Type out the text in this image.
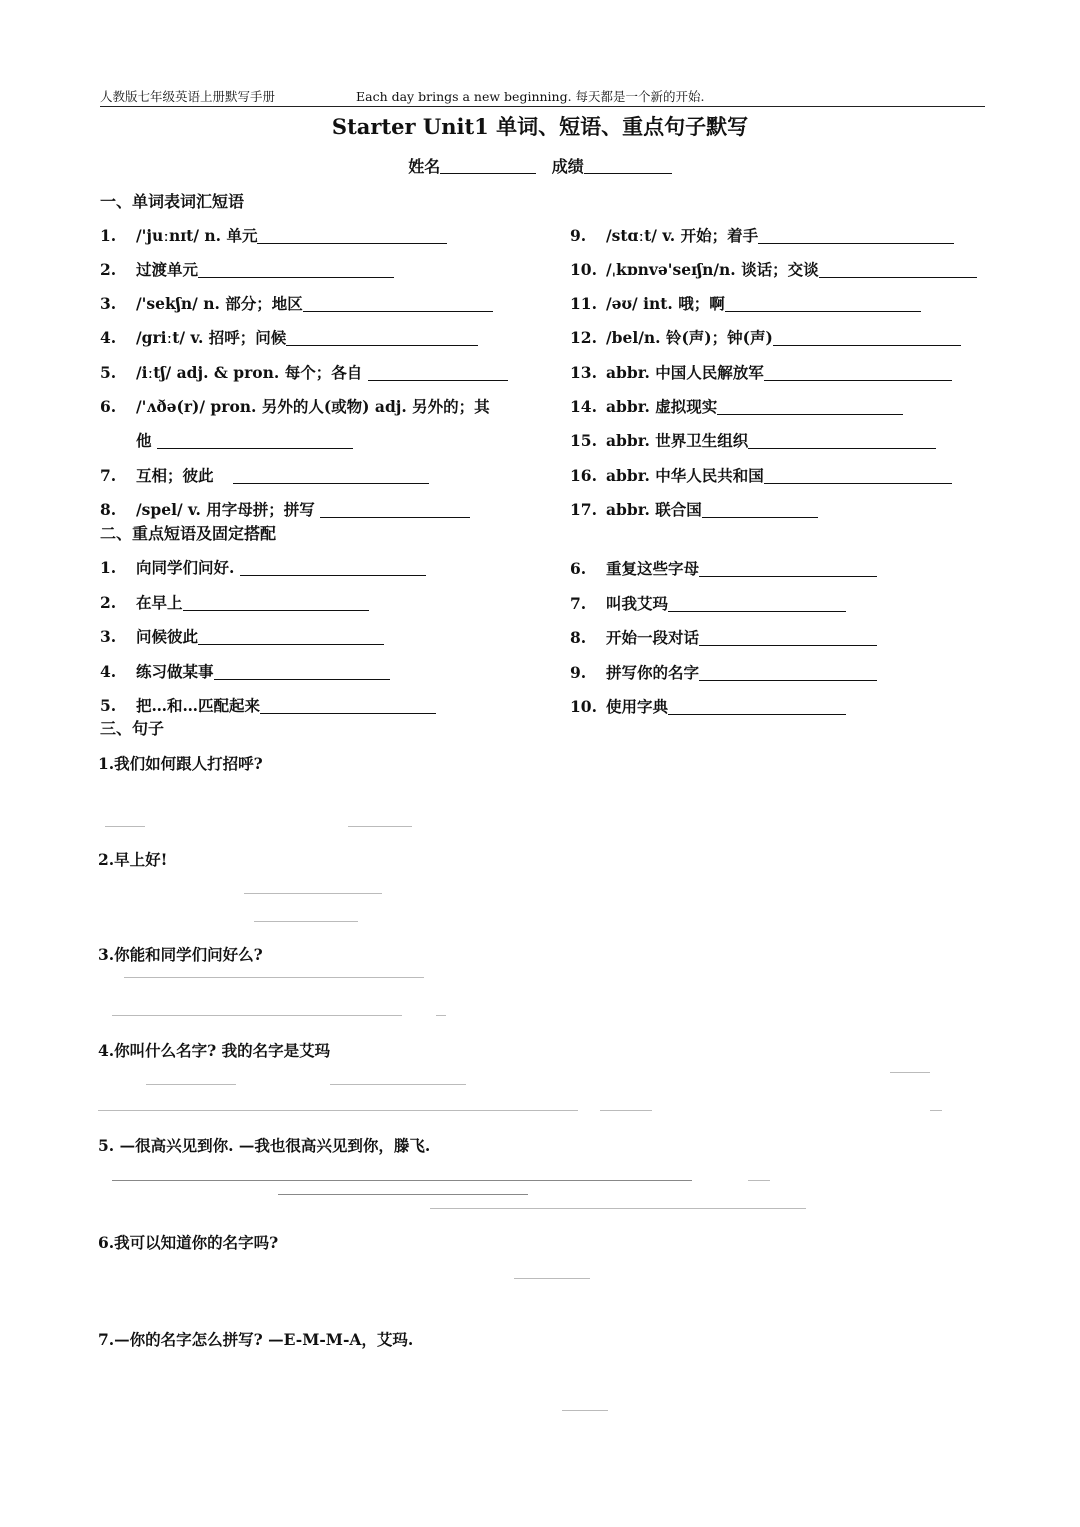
人教版七年级英语上册默写手册	Each day brings a new beginning. 每天都是一个新的开始.
Starter Unit1 单词、短语、重点句子默写
姓名	成绩
一、单词表词汇短语
1. /'juːnɪt/ n. 单元
2. 过渡单元
3. /'sekʃn/ n. 部分；地区
4. /griːt/ v. 招呼；问候
5. /iːtʃ/ adj. & pron. 每个；各自
6. /'ʌðə(r)/ pron. 另外的人(或物) adj. 另外的；其
他
7. 互相；彼此
8. /spel/ v. 用字母拼；拼写
9. /stɑːt/ v. 开始；着手
10. /ˌkɒnvə'seɪʃn/n. 谈话；交谈
11. /əʊ/ int. 哦；啊
12. /bel/n. 铃(声)；钟(声)
13. abbr. 中国人民解放军
14. abbr. 虚拟现实
15. abbr. 世界卫生组织
16. abbr. 中华人民共和国
17. abbr. 联合国
二、重点短语及固定搭配
1. 向同学们问好.
2. 在早上
3. 问候彼此
4. 练习做某事
5. 把…和…匹配起来
6. 重复这些字母
7. 叫我艾玛
8. 开始一段对话
9. 拼写你的名字
10. 使用字典
三、句子
1.我们如何跟人打招呼?
2.早上好!
3.你能和同学们问好么?
4.你叫什么名字? 我的名字是艾玛
5. —很高兴见到你. —我也很高兴见到你，滕飞.
6.我可以知道你的名字吗?
7.—你的名字怎么拼写? —E-M-M-A，艾玛.
